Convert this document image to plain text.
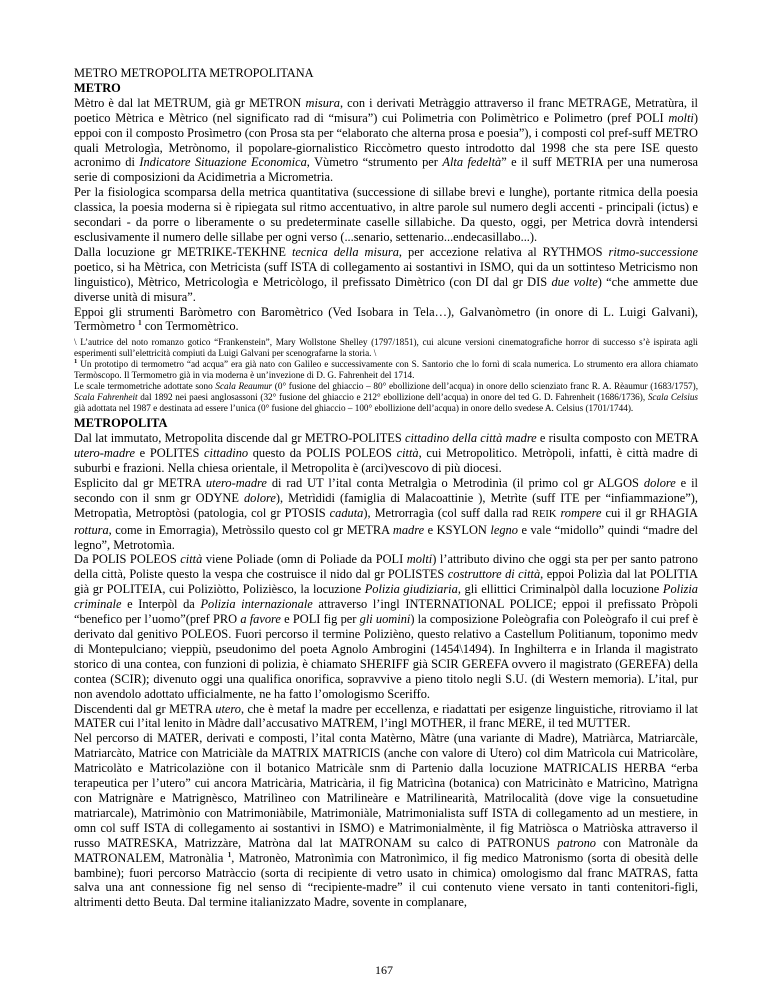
METRO METROPOLITA METROPOLITANA

METRO

Mètro è dal lat METRUM, già gr METRON misura, con i derivati Metràggio attraverso il franc METRAGE, Metratùra, il poetico Mètrica e Mètrico (nel significato rad di “misura”) cui Polimetria con Polimètrico e Polimetro (pref POLI molti) eppoi con il composto Prosìmetro (con Prosa sta per “elaborato che alterna prosa e poesia”), i composti col pref-suff METRO quali Metrologìa, Metrònomo, il popolare-giornalistico Riccòmetro questo introdotto dal 1998 che sta pere ISE questo acronimo di Indicatore Situazione Economica, Vùmetro “strumento per Alta fedeltà” e il suff METRIA per una numerosa serie di composizioni da Acidimetria a Micrometria.

Per la fisiologica scomparsa della metrica quantitativa (successione di sillabe brevi e lunghe), portante ritmica della poesia classica, la poesia moderna si è ripiegata sul ritmo accentuativo, in altre parole sul numero degli accenti - principali (ictus) e secondari - da porre o liberamente o su predeterminate caselle sillabiche. Da questo, oggi, per Metrica dovrà intendersi esclusivamente il numero delle sillabe per ogni verso (...senario, settenario...endecasillabo...).

Dalla locuzione gr METRIKE-TEKHNE tecnica della misura, per accezione relativa al RYTHMOS ritmo-successione poetico, si ha Mètrica, con Metricista (suff ISTA di collegamento ai sostantivi in ISMO, qui da un sottinteso Metricismo non linguistico), Mètrico, Metricologìa e Metricòlogo, il prefissato Dimètrico (con DI dal gr DIS due volte) “che ammette due diverse unità di misura”.

Eppoi gli strumenti Baròmetro con Baromètrico (Ved Isobara in Tela…), Galvanòmetro (in onore di L. Luigi Galvani), Termòmetro $^1$ con Termomètrico.

\ L’autrice del noto romanzo gotico “Frankenstein”, Mary Wollstone Shelley (1797/1851), cui alcune versioni cinematografiche horror di successo s’è ispirata agli esperimenti sull’elettricità compiuti da Luigi Galvani per scenografarne la storia. \

$^1$ Un prototipo di termometro “ad acqua” era già nato con Galileo e successivamente con S. Santorio che lo fornì di scala numerica. Lo strumento era allora chiamato Termòscopo. Il Termometro già in via moderna è un’invezione di D. G. Fahrenheit del 1714.

Le scale termometriche adottate sono Scala Reaumur (0° fusione del ghiaccio – 80° ebollizione dell’acqua) in onore dello scienziato franc R. A. Rèaumur (1683/1757), Scala Fahrenheit dal 1892 nei paesi anglosassoni (32° fusione del ghiaccio e 212° ebollizione dell’acqua) in onore del ted G. D. Fahrenheit (1686/1736), Scala Celsius già adottata nel 1987 e destinata ad essere l’unica (0° fusione del ghiaccio – 100° ebollizione dell’acqua) in onore dello svedese A. Celsius (1701/1744).

METROPOLITA

Dal lat immutato, Metropolita discende dal gr METRO-POLITES cittadino della città madre e risulta composto con METRA utero-madre e POLITES cittadino questo da POLIS POLEOS città, cui Metropolitico. Metròpoli, infatti, è città madre di suburbi e frazioni. Nella chiesa orientale, il Metropolita è (arci)vescovo di più diocesi.

Esplicito dal gr METRA utero-madre di rad UT l’ital conta Metralgìa o Metrodinìa (il primo col gr ALGOS dolore e il secondo con il snm gr ODYNE dolore), Metrìdidi (famiglia di Malacoattinie ), Metrìte (suff ITE per “infiammazione”), Metropatìa, Metroptòsi (patologia, col gr PTOSIS caduta), Metrorragìa (col suff dalla rad REIK rompere cui il gr RHAGIA rottura, come in Emorragia), Metròssilo questo col gr METRA madre e KSYLON legno e vale “midollo” quindi “madre del legno”, Metrotomìa.

Da POLIS POLEOS città viene Poliade (omn di Poliade da POLI molti) l’attributo divino che oggi sta per per santo patrono della città, Poliste questo la vespa che costruisce il nido dal gr POLISTES costruttore di città, eppoi Polizìa dal lat POLITIA già gr POLITEIA, cui Poliziòtto, Polizièsco, la locuzione Polizia giudiziaria, gli ellittici Criminalpòl dalla locuzione Polizia criminale e Interpòl da Polizia internazionale attraverso l’ingl INTERNATIONAL POLICE; eppoi il prefissato Pròpoli “benefico per l’uomo”(pref PRO a favore e POLI fig per gli uomini) la composizione Poleògrafia con Poleògrafo il cui pref è derivato dal genitivo POLEOS. Fuori percorso il termine Polizièno, questo relativo a Castellum Politianum, toponimo medv di Montepulciano; vieppiù, pseudonimo del poeta Agnolo Ambrogini (1454\1494). In Inghilterra e in Irlanda il magistrato storico di una contea, con funzioni di polizia, è chiamato SHERIFF già SCIR GEREFA ovvero il magistrato (GEREFA) della contea (SCIR); divenuto oggi una qualifica onorifica, sopravvive a pieno titolo negli S.U. (di Western memoria). L’ital, pur non avendolo adottato ufficialmente, ne ha fatto l’omologismo Sceriffo.

Discendenti dal gr METRA utero, che è metaf la madre per eccellenza, e riadattati per esigenze linguistiche, ritroviamo il lat MATER cui l’ital lenito in Màdre dall’accusativo MATREM, l’ingl MOTHER, il franc MERE, il ted MUTTER.

Nel percorso di MATER, derivati e composti, l’ital conta Matèrno, Màtre (una variante di Madre), Matriàrca, Matriarcàle, Matriarcàto, Matrice con Matriciàle da MATRIX MATRICIS (anche con valore di Utero) col dim Matrìcola cui Matricolàre, Matricolàto e Matricolaziòne con il botanico Matricàle snm di Partenio dalla locuzione MATRICALIS HERBA “erba terapeutica per l’utero” cui ancora Matricària, Matricària, il fig Matricìna (botanica) con Matricinàto e Matricìno, Matrìgna con Matrignàre e Matrignèsco, Matrilìneo con Matrilineàre e Matrilinearità, Matrilocalità (dove vige la consuetudine matriarcale), Matrimònio con Matrimoniàbile, Matrimoniàle, Matrimonialista suff ISTA di collegamento ad un mestiere, in omn col suff ISTA di collegamento ai sostantivi in ISMO) e Matrimonialmènte, il fig Matriòsca o Matriòska attraverso il russo MATRESKA, Matrizzàre, Matròna dal lat MATRONAM su calco di PATRONUS patrono con Matronàle da MATRONALEM, Matronàlia $^1$, Matronèo, Matronìmia con Matronìmico, il fig medico Matronismo (sorta di obesità delle bambine); fuori percorso Matràccio (sorta di recipiente di vetro usato in chimica) omologismo dal franc MATRAS, fatta salva una ant connessione fig nel senso di “recipiente-madre” il cui contenuto viene versato in tanti contenitori-figli, altrimenti detto Beuta. Dal termine italianizzato Madre, sovente in complanare,

167
